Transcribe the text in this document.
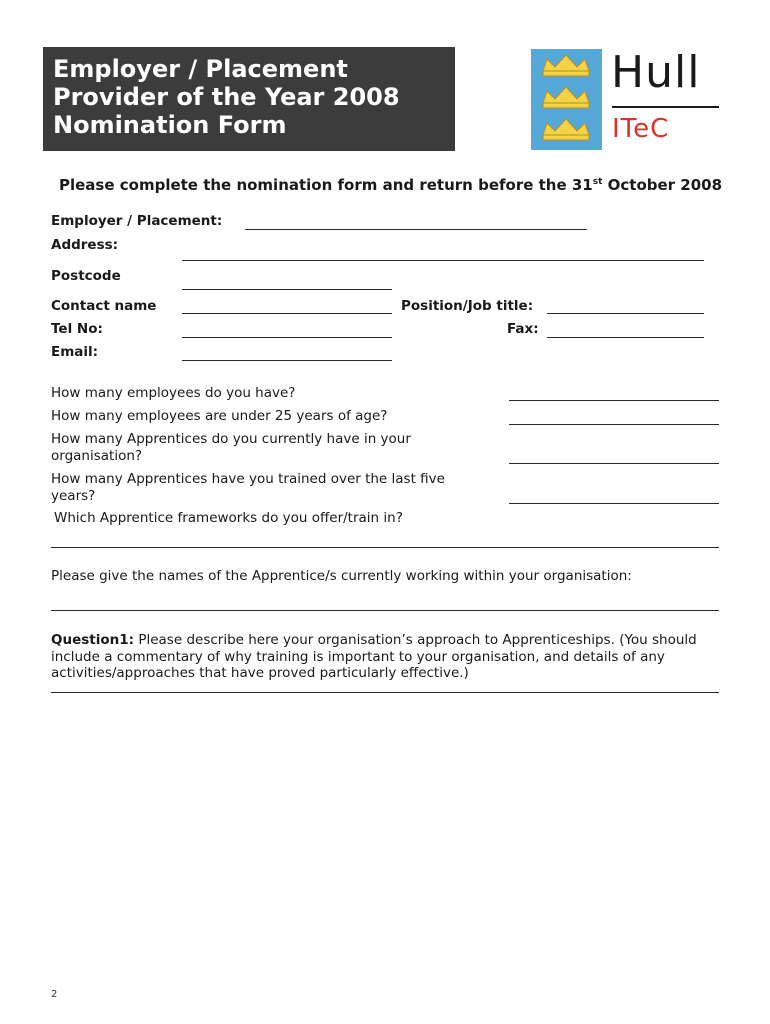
Employer / Placement
Provider of the Year 2008
Nomination Form
Hull
ITeC
Please complete the nomination form and return before the 31st October 2008
Employer / Placement:
Address:
Postcode
Contact name	Position/Job title:
Tel No:	Fax:
Email:
How many employees do you have?
How many employees are under 25 years of age?
How many Apprentices do you currently have in your organisation?
How many Apprentices have you trained over the last five years?
Which Apprentice frameworks do you offer/train in?
Please give the names of the Apprentice/s currently working within your organisation:
Question1: Please describe here your organisation’s approach to Apprenticeships. (You should include a commentary of why training is important to your organisation, and details of any activities/approaches that have proved particularly effective.)
2
